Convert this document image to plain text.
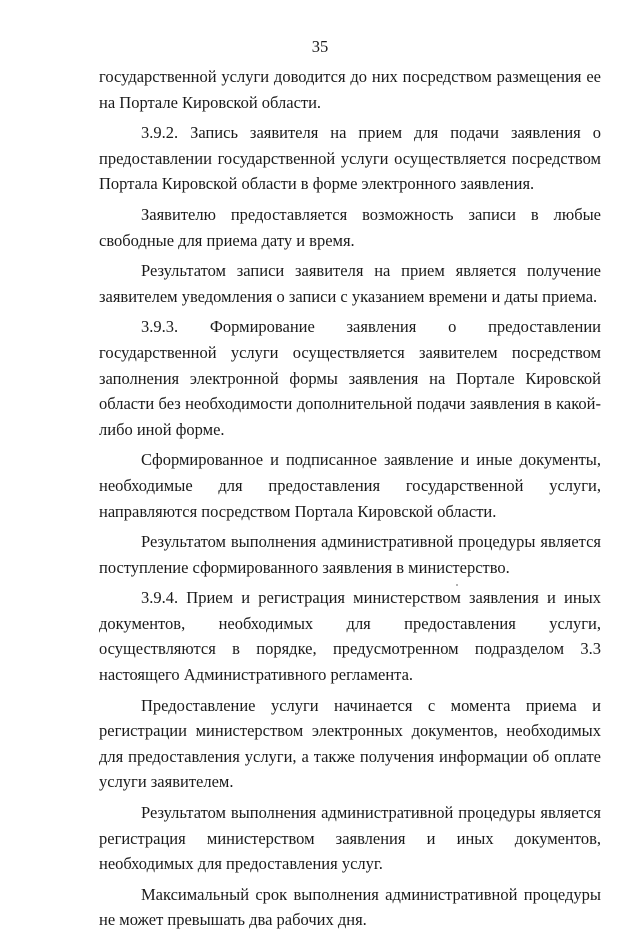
35

государственной услуги доводится до них посредством размещения ее на Портале Кировской области.

3.9.2. Запись заявителя на прием для подачи заявления о предоставлении государственной услуги осуществляется посредством Портала Кировской области в форме электронного заявления.

Заявителю предоставляется возможность записи в любые свободные для приема дату и время.

Результатом записи заявителя на прием является получение заявителем уведомления о записи с указанием времени и даты приема.

3.9.3. Формирование заявления о предоставлении государственной услуги осуществляется заявителем посредством заполнения электронной формы заявления на Портале Кировской области без необходимости дополнительной подачи заявления в какой-либо иной форме.

Сформированное и подписанное заявление и иные документы, необходимые для предоставления государственной услуги, направляются посредством Портала Кировской области.

Результатом выполнения административной процедуры является поступление сформированного заявления в министерство.

3.9.4. Прием и регистрация министерством заявления и иных документов, необходимых для предоставления услуги, осуществляются в порядке, предусмотренном подразделом 3.3 настоящего Административного регламента.

Предоставление услуги начинается с момента приема и регистрации министерством электронных документов, необходимых для предоставления услуги, а также получения информации об оплате услуги заявителем.

Результатом выполнения административной процедуры является регистрация министерством заявления и иных документов, необходимых для предоставления услуг.

Максимальный срок выполнения административной процедуры не может превышать два рабочих дня.
